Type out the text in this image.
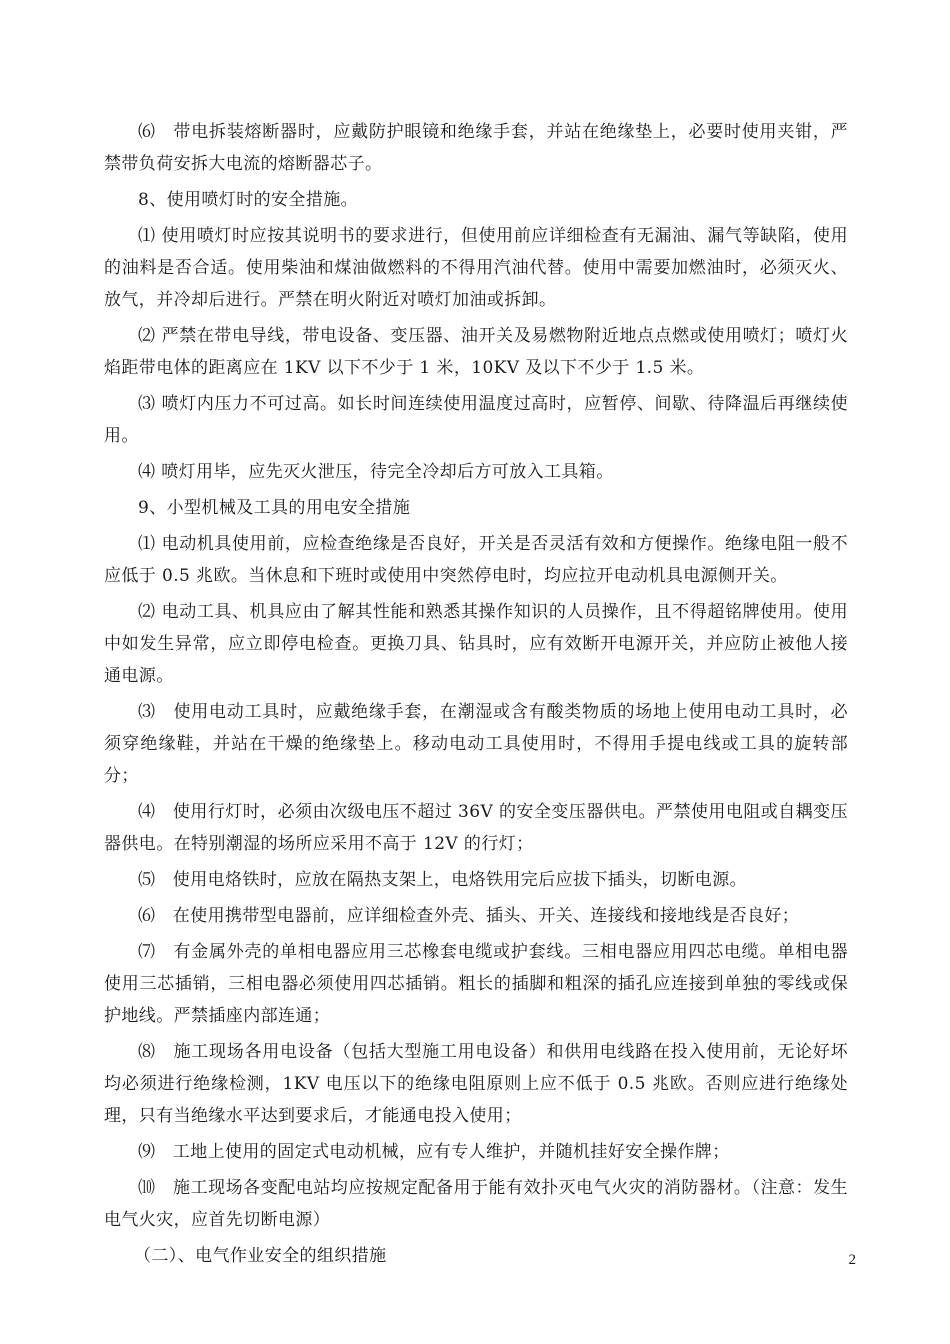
⑹　带电拆装熔断器时，应戴防护眼镜和绝缘手套，并站在绝缘垫上，必要时使用夹钳，严禁带负荷安拆大电流的熔断器芯子。

8、使用喷灯时的安全措施。

⑴ 使用喷灯时应按其说明书的要求进行，但使用前应详细检查有无漏油、漏气等缺陷，使用的油料是否合适。使用柴油和煤油做燃料的不得用汽油代替。使用中需要加燃油时，必须灭火、放气，并冷却后进行。严禁在明火附近对喷灯加油或拆卸。

⑵ 严禁在带电导线，带电设备、变压器、油开关及易燃物附近地点点燃或使用喷灯；喷灯火焰距带电体的距离应在 1KV 以下不少于 1 米，10KV 及以下不少于 1.5 米。

⑶ 喷灯内压力不可过高。如长时间连续使用温度过高时，应暂停、间歇、待降温后再继续使用。

⑷ 喷灯用毕，应先灭火泄压，待完全冷却后方可放入工具箱。

9、小型机械及工具的用电安全措施

⑴ 电动机具使用前，应检查绝缘是否良好，开关是否灵活有效和方便操作。绝缘电阻一般不应低于 0.5 兆欧。当休息和下班时或使用中突然停电时，均应拉开电动机具电源侧开关。

⑵ 电动工具、机具应由了解其性能和熟悉其操作知识的人员操作，且不得超铭牌使用。使用中如发生异常，应立即停电检查。更换刀具、钻具时，应有效断开电源开关，并应防止被他人接通电源。

⑶　使用电动工具时，应戴绝缘手套，在潮湿或含有酸类物质的场地上使用电动工具时，必须穿绝缘鞋，并站在干燥的绝缘垫上。移动电动工具使用时，不得用手提电线或工具的旋转部分；

⑷　使用行灯时，必须由次级电压不超过 36V 的安全变压器供电。严禁使用电阻或自耦变压器供电。在特别潮湿的场所应采用不高于 12V 的行灯；

⑸　使用电烙铁时，应放在隔热支架上，电烙铁用完后应拔下插头，切断电源。

⑹　在使用携带型电器前，应详细检查外壳、插头、开关、连接线和接地线是否良好；

⑺　有金属外壳的单相电器应用三芯橡套电缆或护套线。三相电器应用四芯电缆。单相电器使用三芯插销，三相电器必须使用四芯插销。粗长的插脚和粗深的插孔应连接到单独的零线或保护地线。严禁插座内部连通；

⑻　施工现场各用电设备（包括大型施工用电设备）和供用电线路在投入使用前，无论好坏均必须进行绝缘检测，1KV 电压以下的绝缘电阻原则上应不低于 0.5 兆欧。否则应进行绝缘处理，只有当绝缘水平达到要求后，才能通电投入使用；

⑼　工地上使用的固定式电动机械，应有专人维护，并随机挂好安全操作牌；

⑽　施工现场各变配电站均应按规定配备用于能有效扑灭电气火灾的消防器材。（注意：发生电气火灾，应首先切断电源）

（二）、电气作业安全的组织措施	2
